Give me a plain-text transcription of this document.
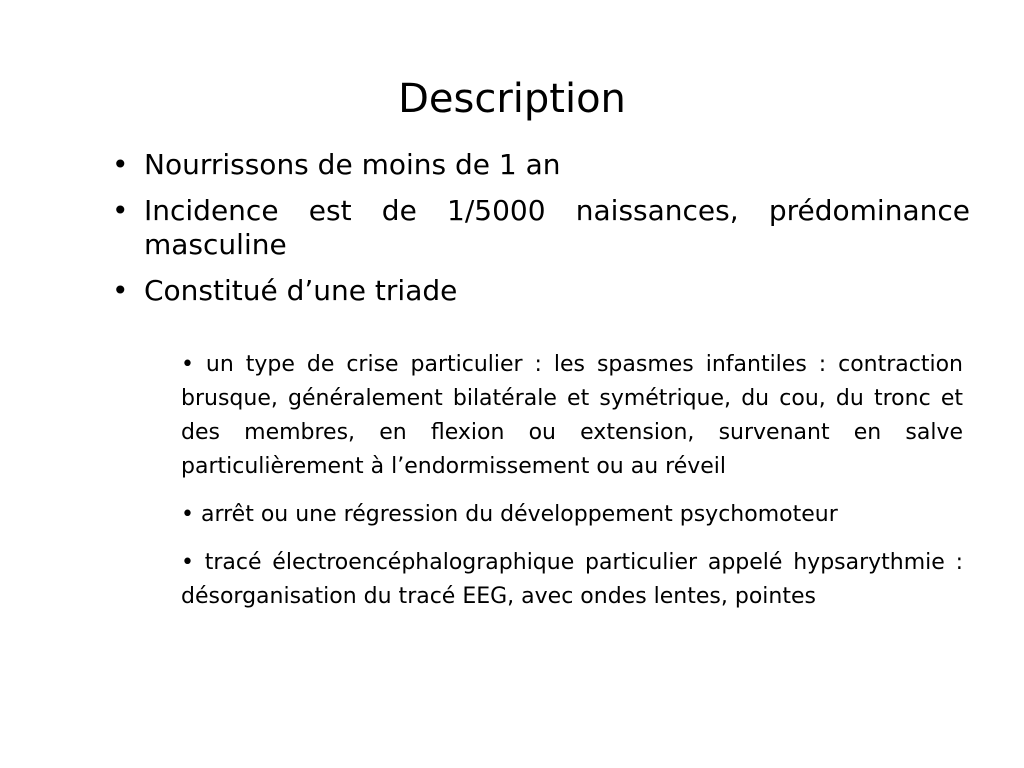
Description
• Nourrissons de moins de 1 an
• Incidence est de 1/5000 naissances, prédominance masculine
• Constitué d’une triade
• un type de crise particulier : les spasmes infantiles : contraction brusque, généralement bilatérale et symétrique, du cou, du tronc et des membres, en flexion ou extension, survenant en salve particulièrement à l’endormissement ou au réveil
• arrêt ou une régression du développement psychomoteur
• tracé électroencéphalographique particulier appelé hypsarythmie : désorganisation du tracé EEG, avec ondes lentes, pointes
